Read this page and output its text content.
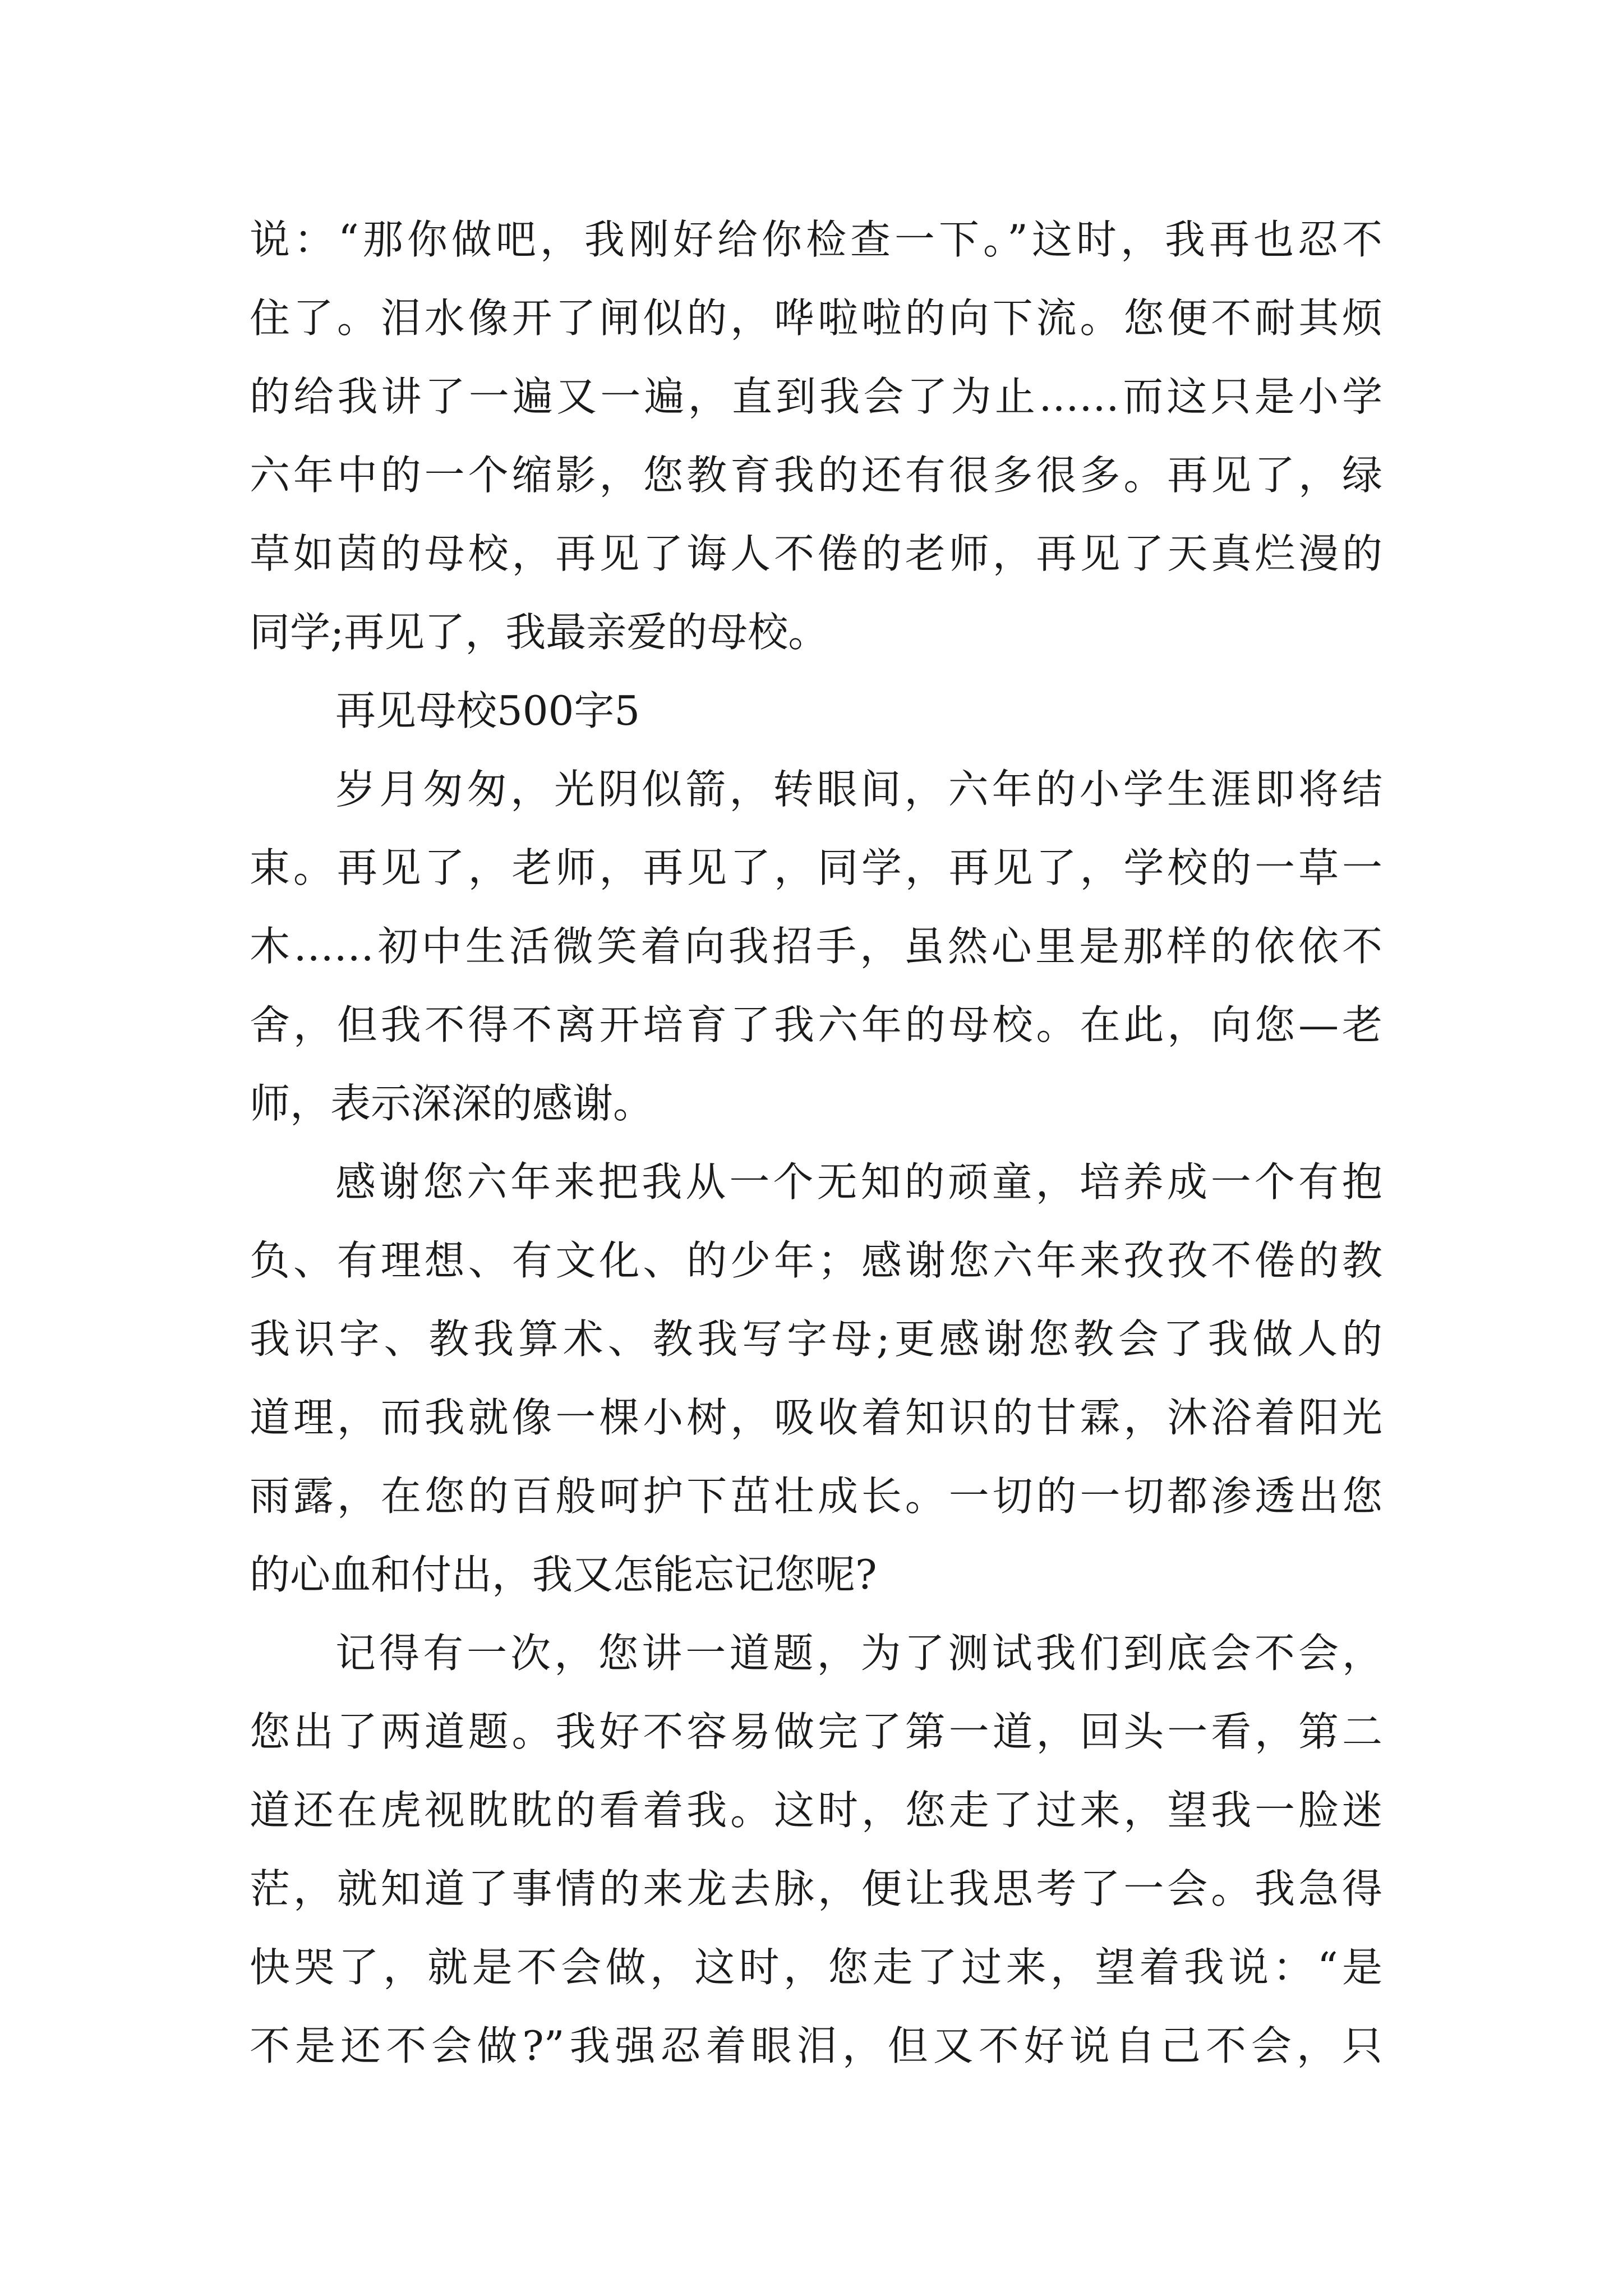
说：“那你做吧，我刚好给你检查一下。”这时，我再也忍不
住了。泪水像开了闸似的，哗啦啦的向下流。您便不耐其烦
的给我讲了一遍又一遍，直到我会了为止……而这只是小学
六年中的一个缩影，您教育我的还有很多很多。再见了，绿
草如茵的母校，再见了诲人不倦的老师，再见了天真烂漫的
同学;再见了，我最亲爱的母校。
再见母校500字5
岁月匆匆，光阴似箭，转眼间，六年的小学生涯即将结
束。再见了，老师，再见了，同学，再见了，学校的一草一
木……初中生活微笑着向我招手，虽然心里是那样的依依不
舍，但我不得不离开培育了我六年的母校。在此，向您—老
师，表示深深的感谢。
感谢您六年来把我从一个无知的顽童，培养成一个有抱
负、有理想、有文化、的少年；感谢您六年来孜孜不倦的教
我识字、教我算术、教我写字母;更感谢您教会了我做人的
道理，而我就像一棵小树，吸收着知识的甘霖，沐浴着阳光
雨露，在您的百般呵护下茁壮成长。一切的一切都渗透出您
的心血和付出，我又怎能忘记您呢?
记得有一次，您讲一道题，为了测试我们到底会不会，
您出了两道题。我好不容易做完了第一道，回头一看，第二
道还在虎视眈眈的看着我。这时，您走了过来，望我一脸迷
茫，就知道了事情的来龙去脉，便让我思考了一会。我急得
快哭了，就是不会做，这时，您走了过来，望着我说：“是
不是还不会做?”我强忍着眼泪，但又不好说自己不会，只
